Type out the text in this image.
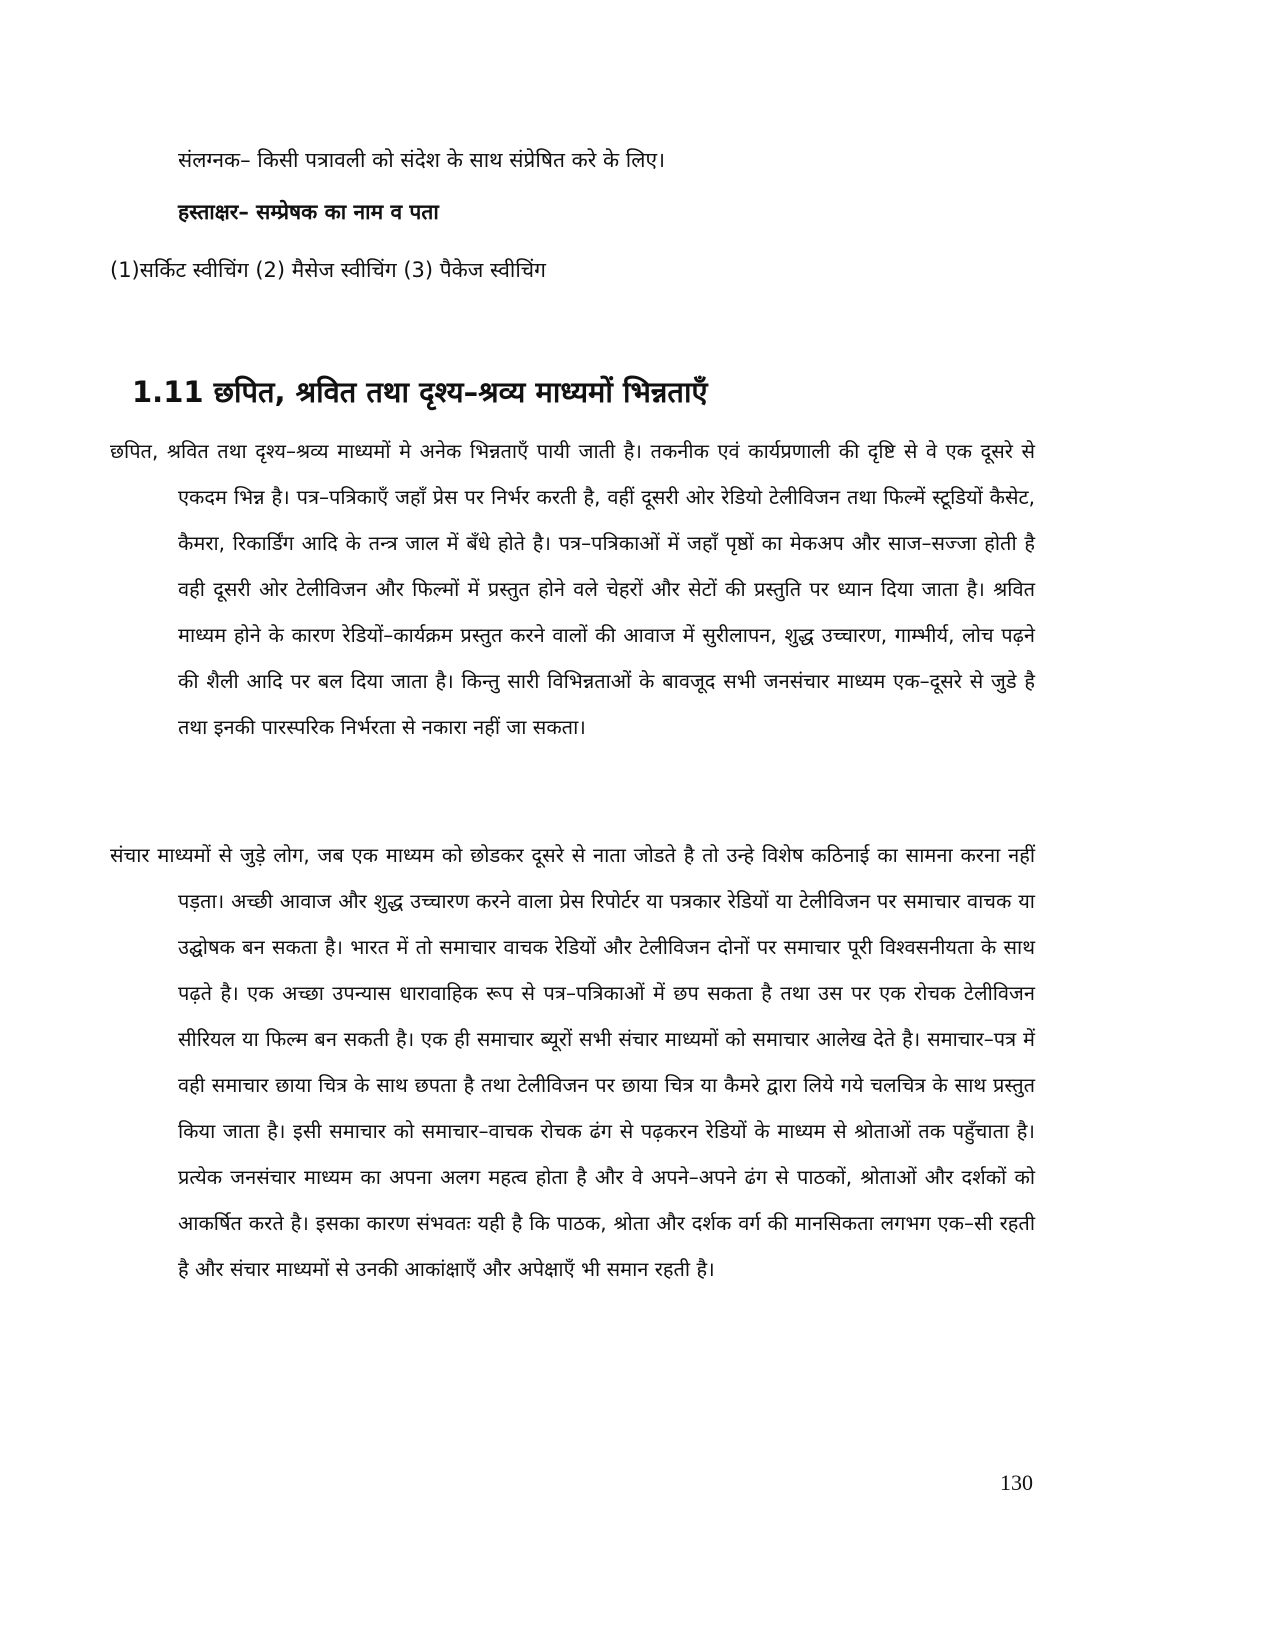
संलग्नक– किसी पत्रावली को संदेश के साथ संप्रेषित करे के लिए।

हस्ताक्षर– सम्प्रेषक का नाम व पता

(1)सर्किट स्वीचिंग (2) मैसेज स्वीचिंग (3) पैकेज स्वीचिंग

1.11 छपित, श्रवित तथा दृश्य–श्रव्य माध्यमों भिन्नताएँ

छपित, श्रवित तथा दृश्य–श्रव्य माध्यमों मे अनेक भिन्नताएँ पायी जाती है। तकनीक एवं कार्यप्रणाली की दृष्टि से वे एक दूसरे से एकदम भिन्न है। पत्र–पत्रिकाएँ जहाँ प्रेस पर निर्भर करती है, वहीं दूसरी ओर रेडियो टेलीविजन तथा फिल्में स्टूडियों कैसेट, कैमरा, रिकार्डिंग आदि के तन्त्र जाल में बँधे होते है। पत्र–पत्रिकाओं में जहाँ पृष्ठों का मेकअप और साज–सज्जा होती है वही दूसरी ओर टेलीविजन और फिल्मों में प्रस्तुत होने वले चेहरों और सेटों की प्रस्तुति पर ध्यान दिया जाता है। श्रवित माध्यम होने के कारण रेडियों–कार्यक्रम प्रस्तुत करने वालों की आवाज में सुरीलापन, शुद्ध उच्चारण, गाम्भीर्य, लोच पढ़ने की शैली आदि पर बल दिया जाता है। किन्तु सारी विभिन्नताओं के बावजूद सभी जनसंचार माध्यम एक–दूसरे से जुडे है तथा इनकी पारस्परिक निर्भरता से नकारा नहीं जा सकता।

संचार माध्यमों से जुड़े लोग, जब एक माध्यम को छोडकर दूसरे से नाता जोडते है तो उन्हे विशेष कठिनाई का सामना करना नहीं पड़ता। अच्छी आवाज और शुद्ध उच्चारण करने वाला प्रेस रिपोर्टर या पत्रकार रेडियों या टेलीविजन पर समाचार वाचक या उद्घोषक बन सकता है। भारत में तो समाचार वाचक रेडियों और टेलीविजन दोनों पर समाचार पूरी विश्वसनीयता के साथ पढ़ते है। एक अच्छा उपन्यास धारावाहिक रूप से पत्र–पत्रिकाओं में छप सकता है तथा उस पर एक रोचक टेलीविजन सीरियल या फिल्म बन सकती है। एक ही समाचार ब्यूरों सभी संचार माध्यमों को समाचार आलेख देते है। समाचार–पत्र में वही समाचार छाया चित्र के साथ छपता है तथा टेलीविजन पर छाया चित्र या कैमरे द्वारा लिये गये चलचित्र के साथ प्रस्तुत किया जाता है। इसी समाचार को समाचार–वाचक रोचक ढंग से पढ़करन रेडियों के माध्यम से श्रोताओं तक पहुँचाता है। प्रत्येक जनसंचार माध्यम का अपना अलग महत्व होता है और वे अपने–अपने ढंग से पाठकों, श्रोताओं और दर्शकों को आकर्षित करते है। इसका कारण संभवतः यही है कि पाठक, श्रोता और दर्शक वर्ग की मानसिकता लगभग एक–सी रहती है और संचार माध्यमों से उनकी आकांक्षाएँ और अपेक्षाएँ भी समान रहती है।

130
